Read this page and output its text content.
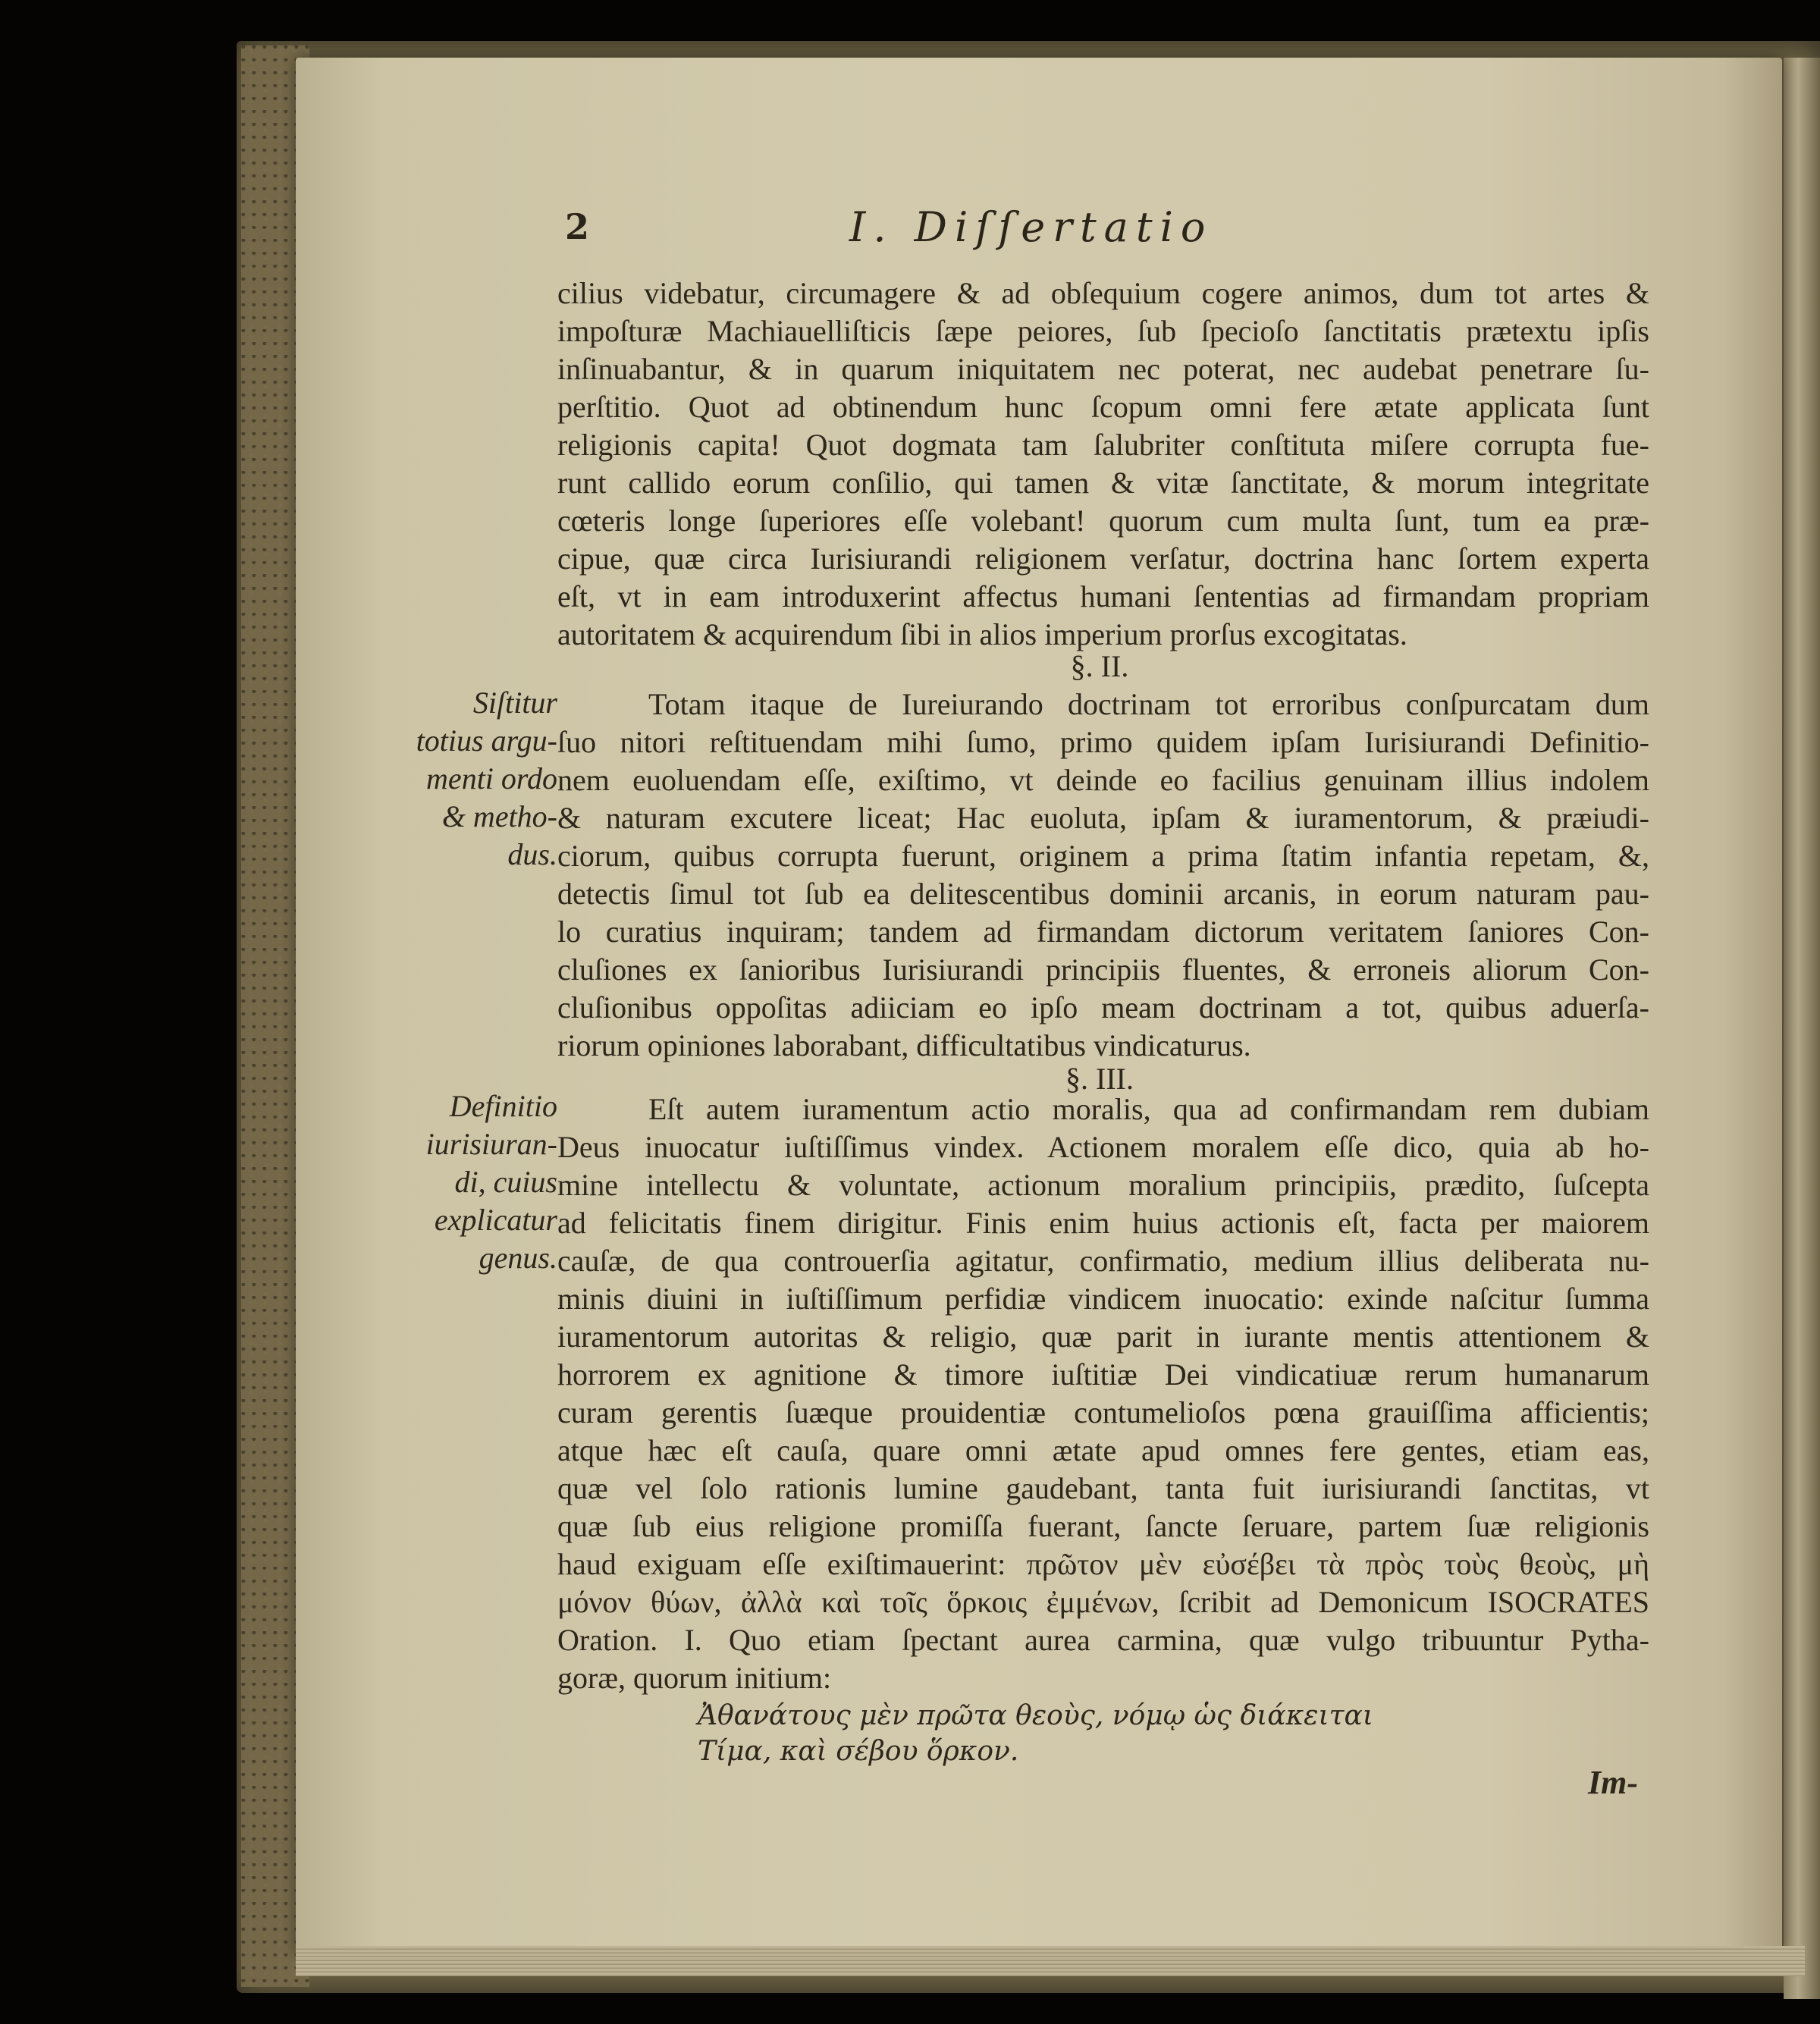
2	I. Diſſertatio
cilius videbatur, circumagere & ad obſequium cogere animos, dum tot artes &
impoſturæ Machiauelliſticis ſæpe peiores, ſub ſpecioſo ſanctitatis prætextu ipſis
inſinuabantur, & in quarum iniquitatem nec poterat, nec audebat penetrare ſu-
perſtitio. Quot ad obtinendum hunc ſcopum omni fere ætate applicata ſunt
religionis capita! Quot dogmata tam ſalubriter conſtituta miſere corrupta fue-
runt callido eorum conſilio, qui tamen & vitæ ſanctitate, & morum integritate
cœteris longe ſuperiores eſſe volebant! quorum cum multa ſunt, tum ea præ-
cipue, quæ circa Iurisiurandi religionem verſatur, doctrina hanc ſortem experta
eſt, vt in eam introduxerint affectus humani ſententias ad firmandam propriam
autoritatem & acquirendum ſibi in alios imperium prorſus excogitatas.
§. II.
Siſtitur
totius argu-
menti ordo
& metho-
dus.
Totam itaque de Iureiurando doctrinam tot erroribus conſpurcatam dum
ſuo nitori reſtituendam mihi ſumo, primo quidem ipſam Iurisiurandi Definitio-
nem euoluendam eſſe, exiſtimo, vt deinde eo facilius genuinam illius indolem
& naturam excutere liceat; Hac euoluta, ipſam & iuramentorum, & præiudi-
ciorum, quibus corrupta fuerunt, originem a prima ſtatim infantia repetam, &,
detectis ſimul tot ſub ea delitescentibus dominii arcanis, in eorum naturam pau-
lo curatius inquiram; tandem ad firmandam dictorum veritatem ſaniores Con-
cluſiones ex ſanioribus Iurisiurandi principiis fluentes, & erroneis aliorum Con-
cluſionibus oppoſitas adiiciam eo ipſo meam doctrinam a tot, quibus aduerſa-
riorum opiniones laborabant, difficultatibus vindicaturus.
§. III.
Definitio
iurisiuran-
di, cuius
explicatur
genus.
Eſt autem iuramentum actio moralis, qua ad confirmandam rem dubiam
Deus inuocatur iuſtiſſimus vindex. Actionem moralem eſſe dico, quia ab ho-
mine intellectu & voluntate, actionum moralium principiis, prædito, ſuſcepta
ad felicitatis finem dirigitur. Finis enim huius actionis eſt, facta per maiorem
cauſæ, de qua controuerſia agitatur, confirmatio, medium illius deliberata nu-
minis diuini in iuſtiſſimum perfidiæ vindicem inuocatio: exinde naſcitur ſumma
iuramentorum autoritas & religio, quæ parit in iurante mentis attentionem &
horrorem ex agnitione & timore iuſtitiæ Dei vindicatiuæ rerum humanarum
curam gerentis ſuæque prouidentiæ contumelioſos pœna grauiſſima afficientis;
atque hæc eſt cauſa, quare omni ætate apud omnes fere gentes, etiam eas,
quæ vel ſolo rationis lumine gaudebant, tanta fuit iurisiurandi ſanctitas, vt
quæ ſub eius religione promiſſa fuerant, ſancte ſeruare, partem ſuæ religionis
haud exiguam eſſe exiſtimauerint: πρῶτον μὲν εὐσέβει τὰ πρὸς τοὺς θεοὺς, μὴ
μόνον θύων, ἀλλὰ καὶ τοῖς ὅρκοις ἐμμένων, ſcribit ad Demonicum ISOCRATES
Oration. I. Quo etiam ſpectant aurea carmina, quæ vulgo tribuuntur Pytha-
goræ, quorum initium:
Ἀθανάτους μὲν πρῶτα θεοὺς, νόμῳ ὡς διάκειται
Τίμα, καὶ σέβου ὅρκον.
Im-
